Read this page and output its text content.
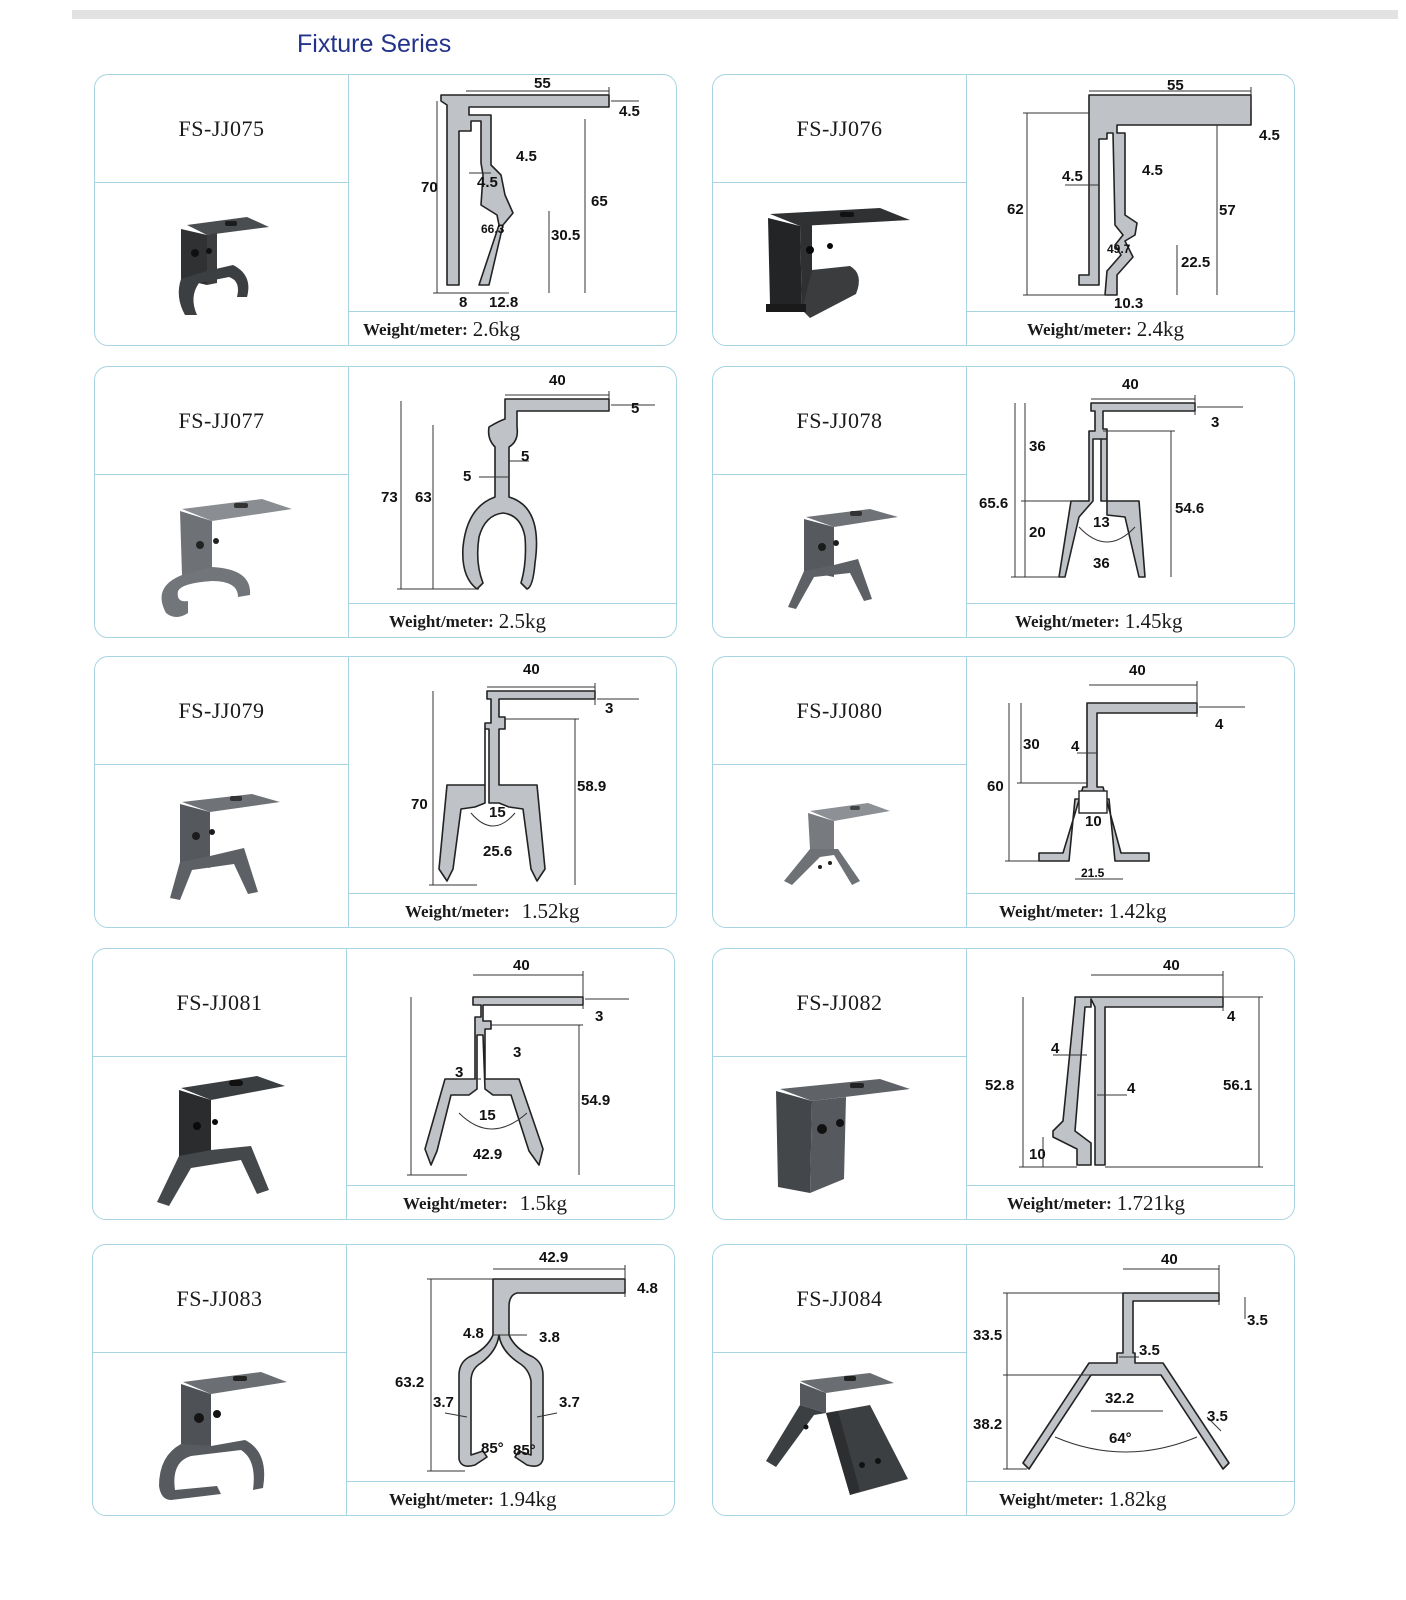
Fixture Series
FS-JJ075
55
4.5
70
4.5
4.5
65
66.3	30.5
8 12.8
Weight/meter: 2.6kg
FS-JJ076
55
4.5
62
4.5	4.5
57
49.7
22.5
10.3
Weight/meter: 2.4kg
FS-JJ077
40
5
73 63
5
5
Weight/meter: 2.5kg
FS-JJ078
40
3
36
65.6
20
13
36
54.6
Weight/meter: 1.45kg
FS-JJ079
40
3
70	15
25.6
58.9
Weight/meter: 1.52kg
FS-JJ080
40
4
30 4
60
10
21.5
Weight/meter: 1.42kg
FS-JJ081
40
3
3
3
15
42.9
54.9
Weight/meter: 1.5kg
FS-JJ082
40
4
4
52.8	4	56.1
10
Weight/meter: 1.721kg
FS-JJ083
42.9
4.8
4.8	3.8
63.2
3.7	3.7
85° 85°
Weight/meter: 1.94kg
FS-JJ084
40
3.5
33.5
3.5
32.2
38.2	3.5
64°
Weight/meter: 1.82kg
